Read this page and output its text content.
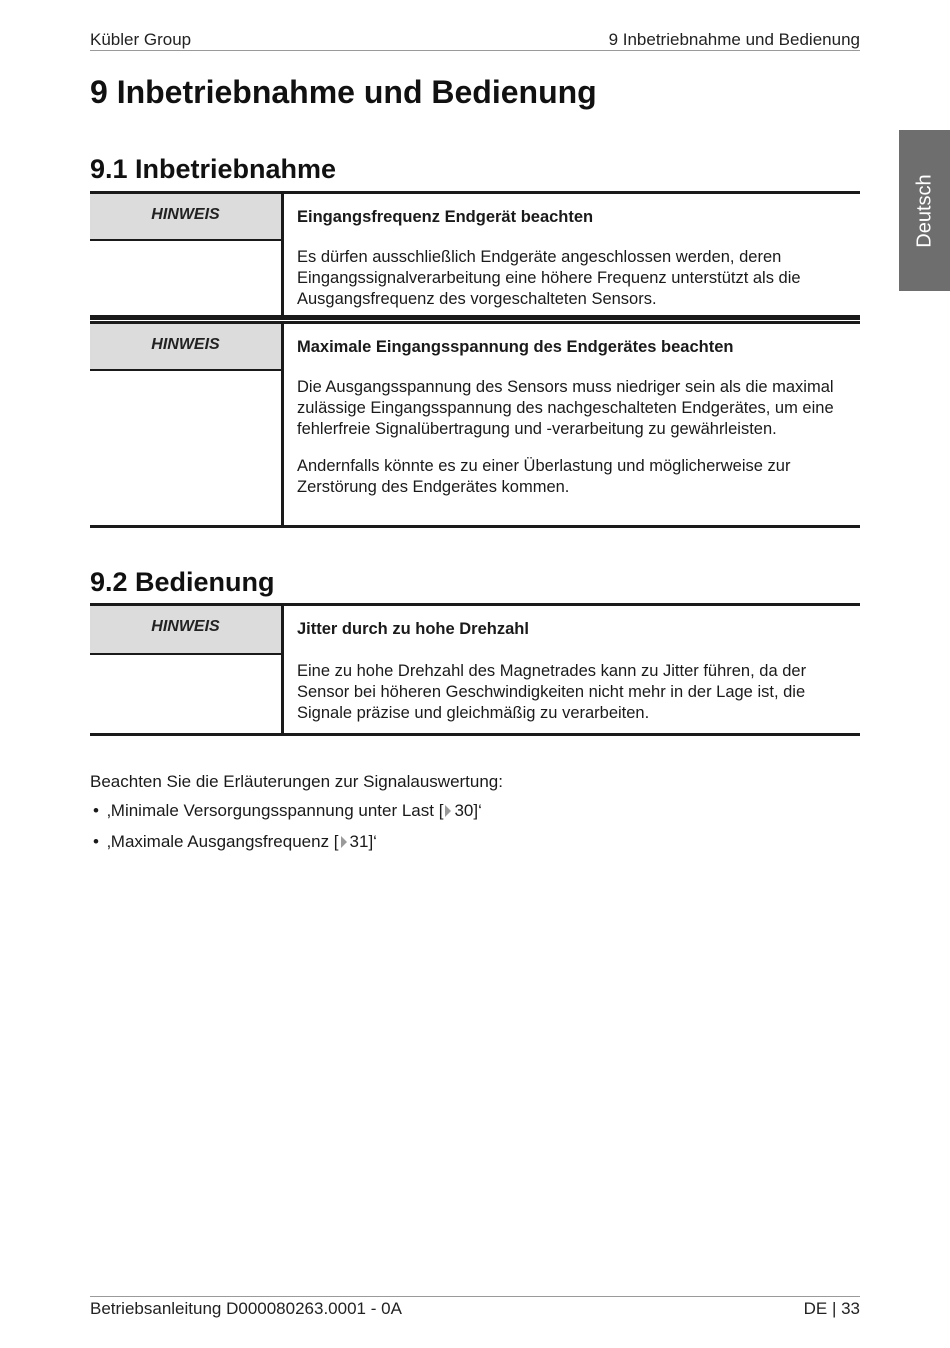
Kübler Group	9 Inbetriebnahme und Bedienung
Deutsch
9 Inbetriebnahme und Bedienung
9.1 Inbetriebnahme
HINWEIS	Eingangsfrequenz Endgerät beachten

Es dürfen ausschließlich Endgeräte angeschlossen werden, deren Eingangssignalverarbeitung eine höhere Frequenz unterstützt als die Ausgangsfrequenz des vorgeschalteten Sensors.

HINWEIS	Maximale Eingangsspannung des Endgerätes beachten

Die Ausgangsspannung des Sensors muss niedriger sein als die maximal zulässige Eingangsspannung des nachgeschalteten Endgerätes, um eine fehlerfreie Signalübertragung und -verarbeitung zu gewährleisten.

Andernfalls könnte es zu einer Überlastung und möglicherweise zur Zerstörung des Endgerätes kommen.

9.2 Bedienung
HINWEIS	Jitter durch zu hohe Drehzahl

Eine zu hohe Drehzahl des Magnetrades kann zu Jitter führen, da der Sensor bei höheren Geschwindigkeiten nicht mehr in der Lage ist, die Signale präzise und gleichmäßig zu verarbeiten.

Beachten Sie die Erläuterungen zur Signalauswertung:
• ‚Minimale Versorgungsspannung unter Last [ 30]‘
• ‚Maximale Ausgangsfrequenz [ 31]‘
Betriebsanleitung D000080263.0001 - 0A	DE | 33
